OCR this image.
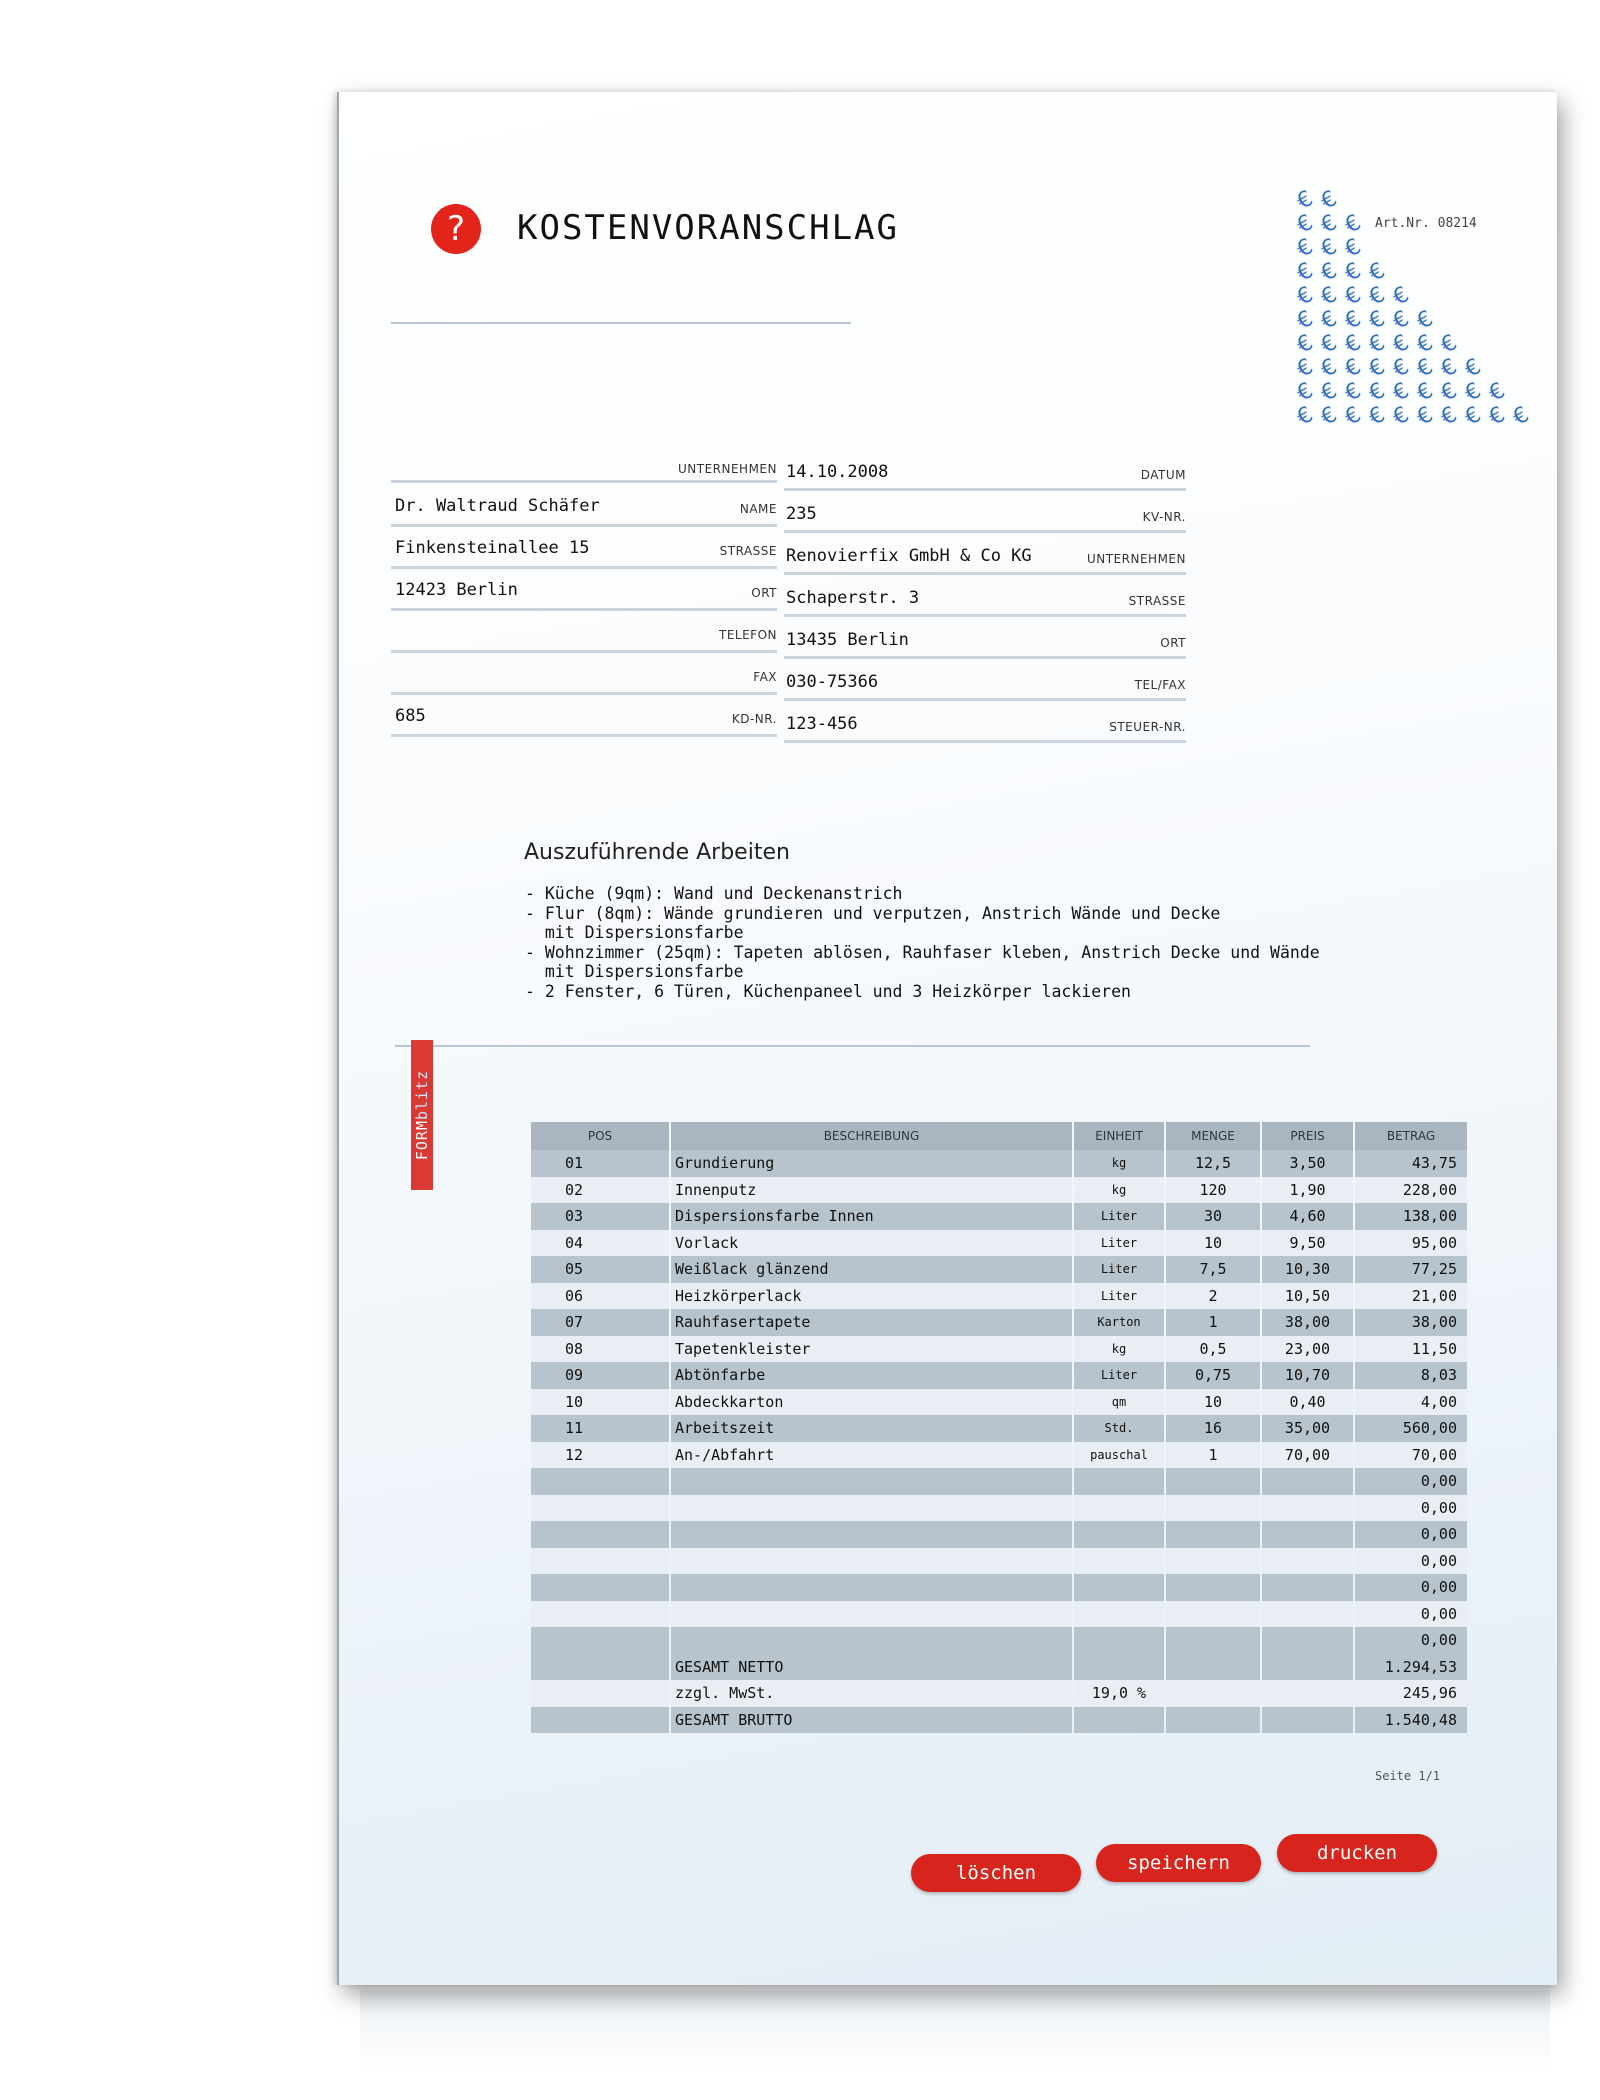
?	KOSTENVORANSCHLAG	Art.Nr. 08214
€ €
€ € €
€ € €
€ € € €
€ € € € €
€ € € € € €
€ € € € € € €
€ € € € € € € €
€ € € € € € € € €
€ € € € € € € € € €
UNTERNEHMEN
Dr. Waltraud Schäfer	NAME
Finkensteinallee 15	STRASSE
12423 Berlin	ORT
TELEFON
FAX
685	KD-NR.
14.10.2008	DATUM
235	KV-NR.
Renovierfix GmbH & Co KG	UNTERNEHMEN
Schaperstr. 3	STRASSE
13435 Berlin	ORT
030-75366	TEL/FAX
123-456	STEUER-NR.
Auszuführende Arbeiten
- Küche (9qm): Wand und Deckenanstrich
- Flur (8qm): Wände grundieren und verputzen, Anstrich Wände und Decke
mit Dispersionsfarbe
- Wohnzimmer (25qm): Tapeten ablösen, Rauhfaser kleben, Anstrich Decke und Wände
mit Dispersionsfarbe
- 2 Fenster, 6 Türen, Küchenpaneel und 3 Heizkörper lackieren
FORMblitz
POS	BESCHREIBUNG	EINHEIT	MENGE	PREIS	BETRAG
01	Grundierung	kg	12,5	3,50	43,75
02	Innenputz	kg	120	1,90	228,00
03	Dispersionsfarbe Innen	Liter	30	4,60	138,00
04	Vorlack	Liter	10	9,50	95,00
05	Weißlack glänzend	Liter	7,5	10,30	77,25
06	Heizkörperlack	Liter	2	10,50	21,00
07	Rauhfasertapete	Karton	1	38,00	38,00
08	Tapetenkleister	kg	0,5	23,00	11,50
09	Abtönfarbe	Liter	0,75	10,70	8,03
10	Abdeckkarton	qm	10	0,40	4,00
11	Arbeitszeit	Std.	16	35,00	560,00
12	An-/Abfahrt	pauschal	1	70,00	70,00
					0,00
					0,00
					0,00
					0,00
					0,00
					0,00
					0,00
	GESAMT NETTO				1.294,53
	zzgl. MwSt.	19,0 %			245,96
	GESAMT BRUTTO				1.540,48
Seite 1/1
löschen	speichern	drucken
